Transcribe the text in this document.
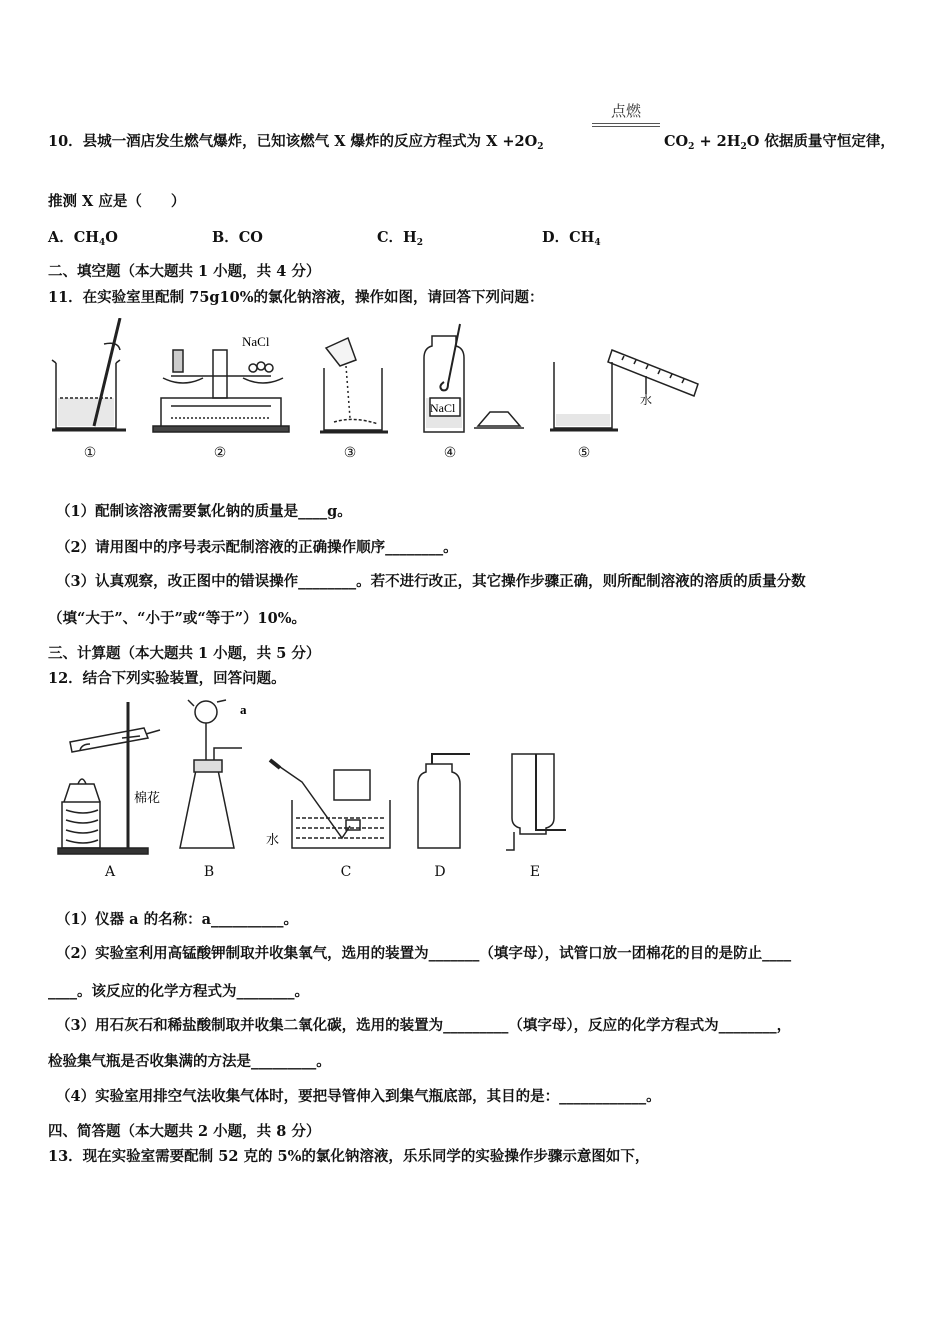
10．县城一酒店发生燃气爆炸，已知该燃气 X 爆炸的反应方程式为 $X +2O_2$
点燃
$CO_2 + 2H_2O$ 依据质量守恒定律，
推测 X 应是（　　）
A．$CH_4O$	B．CO	C．$H_2$	D．$CH_4$
二、填空题（本大题共 1 小题，共 4 分）
11．在实验室里配制 75g10%的氯化钠溶液，操作如图，请回答下列问题：
NaCl
NaCl
水
①	②	③	④	⑤
（1）配制该溶液需要氯化钠的质量是____g。
（2）请用图中的序号表示配制溶液的正确操作顺序________。
（3）认真观察，改正图中的错误操作________。若不进行改正，其它操作步骤正确，则所配制溶液的溶质的质量分数
（填“大于”、“小于”或“等于”）10%。
三、计算题（本大题共 1 小题，共 5 分）
12．结合下列实验装置，回答问题。
a
棉花
水
A	B	C	D	E
（1）仪器 a 的名称：a__________。
（2）实验室利用高锰酸钾制取并收集氧气，选用的装置为_______（填字母），试管口放一团棉花的目的是防止____
____。该反应的化学方程式为________。
（3）用石灰石和稀盐酸制取并收集二氧化碳，选用的装置为_________（填字母），反应的化学方程式为________，
检验集气瓶是否收集满的方法是_________。
（4）实验室用排空气法收集气体时，要把导管伸入到集气瓶底部，其目的是：____________。
四、简答题（本大题共 2 小题，共 8 分）
13．现在实验室需要配制 52 克的 5%的氯化钠溶液，乐乐同学的实验操作步骤示意图如下，
